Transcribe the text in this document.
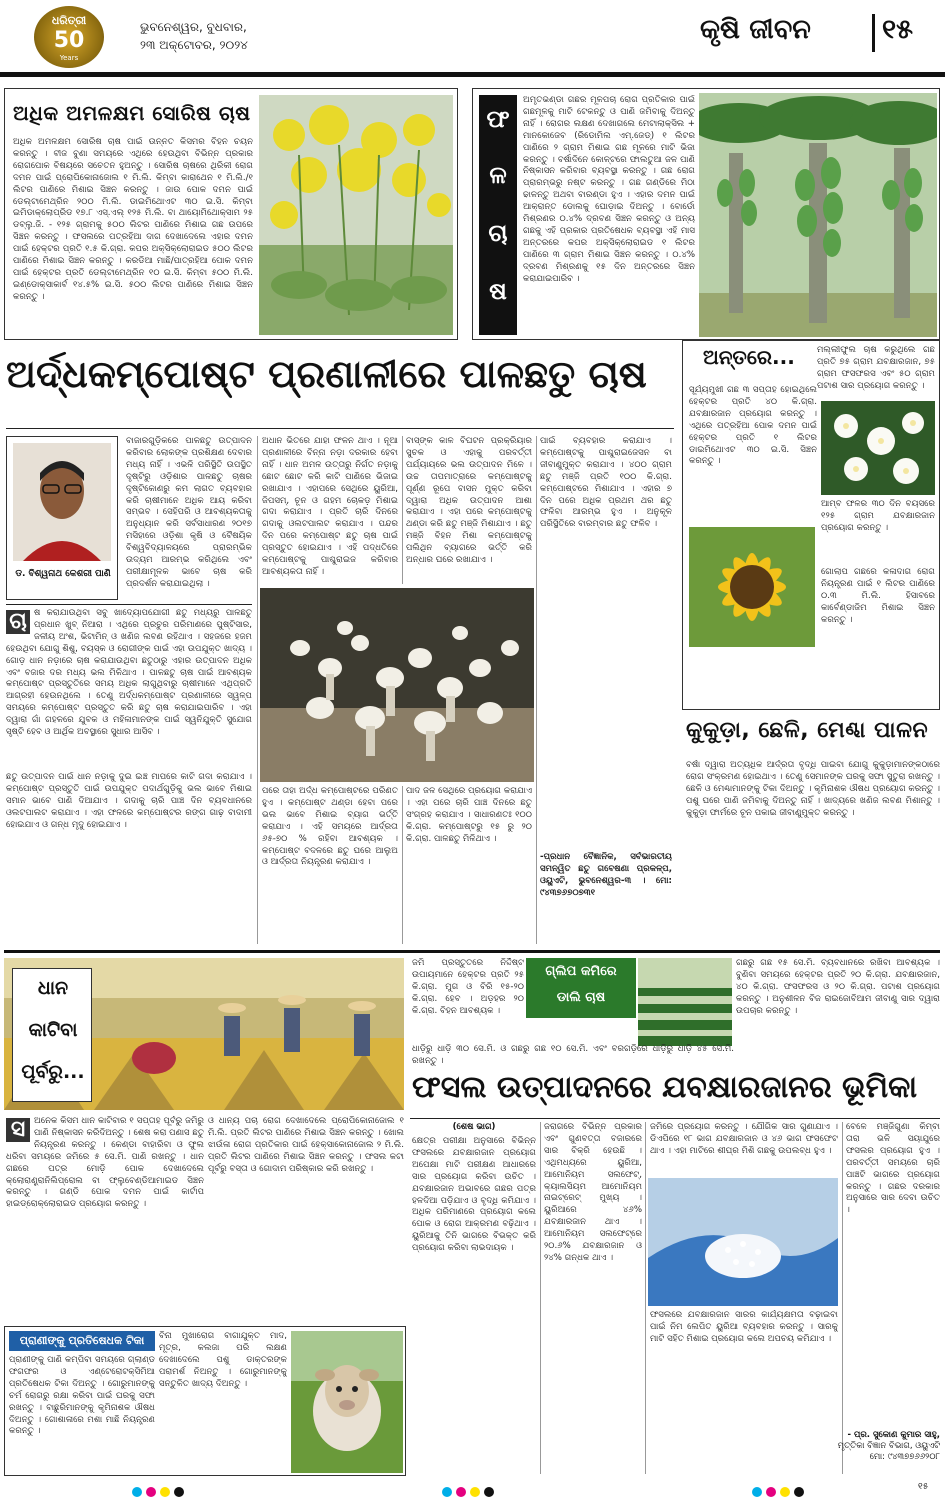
ଧରିତ୍ରୀ
50
Years
ଭୁବନେଶ୍ୱର, ବୁଧବାର,
୨୩ ଅକ୍ଟୋବର, ୨୦୨୪	କୃଷି ଜୀବନ	୧୫
ଅଧିକ ଅମଳକ୍ଷମ ସୋରିଷ ଚାଷ
ଅଧିକ ଅମଳକ୍ଷମ ସୋରିଷ ଚାଷ ପାଇଁ ଉନ୍ନତ କିସମର ବିହନ ଚୟନ କରନ୍ତୁ । ବୀଜ ବୁଣା ସମୟରେ ଏଥିରେ ହେଉଥିବା ବିଭିନ୍ନ ପ୍ରକାର ରୋଗପୋକ ବିଷୟରେ ସଚେତନ ହୁଅନ୍ତୁ । ସୋରିଷ ଚାଷରେ ଥିରିକୀ ରୋଗ ଦମନ ପାଇଁ ପ୍ରୋପିକୋନାଜୋଲ ୧ ମି.ଲି. କିମ୍ବା କାରାଥେନ ୧ ମି.ଲି./୧ ଲିଟର ପାଣିରେ ମିଶାଇ ସିଞ୍ଚନ କରନ୍ତୁ । ଜାଉ ପୋକ ଦମନ ପାଇଁ ଡେଲ୍ଟାମେଥ୍ରିନ ୨୦୦ ମି.ଲି. ଡାଇମିଥୋଏଟ ୩୦ ଇ.ସି. କିମ୍ବା ଇମିଡାକ୍ଲୋପ୍ରିଡ ୧୭.୮ ଏସ୍.ଏଲ୍ ୧୨୫ ମି.ଲି. ବା ଥାୟୋମିଥୋକ୍ସାମ ୨୫ ଡବ୍ଲୁ.ଜି. - ୧୨୫ ଗ୍ରାମକୁ ୫୦୦ ଲିଟର ପାଣିରେ ମିଶାଇ ଗଛ ଉପରେ ସିଞ୍ଚନ କରନ୍ତୁ । ଫସଲରେ ପତ୍ରହିଆ ଦାଗ ଦେଖାଦେଲେ ଏହାର ଦମନ ପାଇଁ ହେକ୍ଟର ପ୍ରତି ୧.୫ କି.ଗ୍ରା. କପର ଅକ୍ସିକ୍ଲୋରାଇଡ ୫୦୦ ଲିଟର ପାଣିରେ ମିଶାଇ ସିଞ୍ଚନ କରନ୍ତୁ । କରଡିଆ ମାଛି/ପାତ୍ରହିଆ ପୋକ ଦମନ ପାଇଁ ହେକ୍ଟର ପ୍ରତି ଡେଲ୍ଟାମେଥ୍ରିନ ୧୦ ଇ.ସି. କିମ୍ବା ୫୦୦ ମି.ଲି. ଇଣ୍ଡୋକ୍ସାକାର୍ବ ୧୪.୫% ଇ.ସି. ୫୦୦ ଲିଟର ପାଣିରେ ମିଶାଇ ସିଞ୍ଚନ କରନ୍ତୁ ।
ଫ
ଳ
ଚା
ଷ
ଅମୃତଭଣ୍ଡା ଗଛର ମୂଳପଚା ରୋଗ ପ୍ରତିକାର ପାଇଁ ଗଛମୂଳକୁ ମାଟି ଟେକନ୍ତୁ ଓ ପାଣି ଜମିବାକୁ ଦିଅନ୍ତୁ ନାହିଁ । ରୋଗର ଲକ୍ଷଣ ଦେଖାଗଲେ ମେଟାଲାକ୍ସିଲ + ମାନକୋଜେବ (ରିଡୋମିଲ ଏମ୍.ଜେଡ୍) ୧ ଲିଟର ପାଣିରେ ୨ ଗ୍ରାମ ମିଶାଇ ଗଛ ମୂଳରେ ମାଟି ଭିଜା କରନ୍ତୁ । ବର୍ଷାଦିନେ କୋଳ୍ଟରେ ଫାଲତୁଆ ଜଳ ପାଣି ନିଷ୍କାସନ କରିବାର ବ୍ୟବସ୍ଥା କରନ୍ତୁ । ଗଛ ରୋଗ ପ୍ରାରମ୍ଭରୁ ନଷ୍ଟ କରନ୍ତୁ । ଗଛ ଗଣ୍ଡିରେ ମିଠା ଢାଳନ୍ତୁ ଅଥବା ବାରଣ୍ଡା ହୁଏ । ଏହାର ଦମନ ପାଇଁ ଆକ୍ରାନ୍ତ ଡୋଲକୁ ଘୋଡ଼ାଇ ଦିଅନ୍ତୁ । ବୋର୍ଡୋ ମିଶ୍ରଣର ୦.୪% ଦ୍ରବଣ ସିଞ୍ଚନ କରନ୍ତୁ ଓ ଅନ୍ୟ ଗଛକୁ ଏହି ପ୍ରକାର ପ୍ରତିଷେଧକ ବ୍ୟବସ୍ଥା ଏହି ମାସ ଅନ୍ତରରେ କପର ଅକ୍ସିକ୍ଲୋରାଇଡ ୧ ଲିଟର ପାଣିରେ ୩ ଗ୍ରାମ ମିଶାଇ ସିଞ୍ଚନ କରନ୍ତୁ । ୦.୪% ଦ୍ରବଣ ମିଶ୍ରଣକୁ ୧୫ ଦିନ ଅନ୍ତରରେ ସିଞ୍ଚନ କରାଯାଇପାରିବ ।
ଅର୍ଦ୍ଧକମ୍ପୋଷ୍ଟ ପ୍ରଣାଳୀରେ ପାଳଛତୁ ଚାଷ
ଡ. ବିଶ୍ୱନାଥ କେଶରୀ ପାଣି
ବାଜାରଗୁଡ଼ିକରେ ପାଳଛତୁ ଉତ୍ପାଦନ କରିବାର ଲୋକଙ୍କ ପ୍ରଶିକ୍ଷଣ ଦେବାର ମଧ୍ୟ ନାହିଁ । ଏଭଳି ପରିସ୍ଥିତି ଉପସ୍ଥିତ ଦୃଷ୍ଟିରୁ ଓଡ଼ିଶାର ପାଳଛତୁ ଚାଷର ଦୃଷ୍ଟିକୋଣରୁ କମ ଲାଗତ ବ୍ୟବହାର କରି ଚାଷୀମାନେ ଅଧିକ ଆୟ କରିବା ସମ୍ଭବ । ସେହିପରି ଓ ଆବଶ୍ୟକତାକୁ ଅନୁଧ୍ୟାନ କରି ସର୍ବସାଧାରଣ ୨୦୧୭ ମସିହାରେ ଓଡ଼ିଶା କୃଷି ଓ ବୈଷୟିକ ବିଶ୍ୱବିଦ୍ୟାଳୟରେ ପ୍ରାରମ୍ଭିକ ଉଦ୍ୟମ ଆରମ୍ଭ କରିଥିଲେ ଏବଂ ପରୀକ୍ଷାମୂଳକ ଭାବେ ଚାଷ କରି ପ୍ରଦର୍ଶନ କରାଯାଇଥିଲା ।
ଚା ଷ କରାଯାଉଥିବା ସବୁ ଖାଦ୍ୟୋପଯୋଗୀ ଛତୁ ମଧ୍ୟରୁ ପାଳଛତୁ ପ୍ରଧାନ ଖୁବ୍ ନିଆରା । ଏଥିରେ ପ୍ରଚୁର ପରିମାଣରେ ପୁଷ୍ଟିସାର, ଜଳୀୟ ଅଂଶ, ଭିଟାମିନ୍ ଓ ଖଣିଜ ଲବଣ ରହିଥାଏ । ସହଜରେ ହଜମ ହେଉଥିବା ଯୋଗୁ ଶିଶୁ, ବୟସ୍କ ଓ ରୋଗୀଙ୍କ ପାଇଁ ଏହା ଉପଯୁକ୍ତ ଖାଦ୍ୟ । ଗୋଡ଼ ଧାନ ନଡ଼ାରେ ଚାଷ କରାଯାଉଥିବା ଛତୁଠାରୁ ଏହାର ଉତ୍ପାଦନ ଅଧିକ ଏବଂ ବଜାର ଦର ମଧ୍ୟ ଭଲ ମିଳିଥାଏ । ପାଳଛତୁ ଚାଷ ପାଇଁ ଆବଶ୍ୟକ କମ୍ପୋଷ୍ଟ ପ୍ରସ୍ତୁତିରେ ସମୟ ଅଧିକ ଲାଗୁଥିବାରୁ ଚାଷୀମାନେ ଏଥିପ୍ରତି ଆଗ୍ରହୀ ହେଉନଥିଲେ । ତେଣୁ ଅର୍ଦ୍ଧକମ୍ପୋଷ୍ଟ ପ୍ରଣାଳୀରେ ସ୍ୱଳ୍ପ ସମୟରେ କମ୍ପୋଷ୍ଟ ପ୍ରସ୍ତୁତ କରି ଛତୁ ଚାଷ କରାଯାଇପାରିବ । ଏହା ଦ୍ୱାରା ଗାଁ ଗହଳରେ ଯୁବକ ଓ ମହିଳାମାନଙ୍କ ପାଇଁ ସ୍ୱନିଯୁକ୍ତି ସୁଯୋଗ ସୃଷ୍ଟି ହେବ ଓ ଆର୍ଥିକ ଅବସ୍ଥାରେ ସୁଧାର ଆସିବ ।
ଛତୁ ଉତ୍ପାଦନ ପାଇଁ ଧାନ ନଡ଼ାକୁ ଦୁଇ ଇଞ୍ଚ ମାପରେ କାଟି ଗଦା କରାଯାଏ । କମ୍ପୋଷ୍ଟ ପ୍ରସ୍ତୁତି ପାଇଁ ଉପଯୁକ୍ତ ପଦାର୍ଥଗୁଡ଼ିକୁ ଭଲ ଭାବେ ମିଶାଇ ସମାନ ଭାବେ ପାଣି ଦିଆଯାଏ । ଗଦାକୁ ଚାରି ପାଞ୍ଚ ଦିନ ବ୍ୟବଧାନରେ ଓଲଟପାଲଟ କରାଯାଏ । ଏହା ଫଳରେ କମ୍ପୋଷ୍ଟର ରଙ୍ଗ ଗାଢ଼ ବାଦାମୀ ହୋଇଯାଏ ଓ ଗନ୍ଧ ମୃଦୁ ହୋଇଯାଏ ।
ଅଧାନ ଭିତରେ ଯାହା ଫଳନ ଥାଏ । ନୂଆ ପ୍ରଣାଳୀରେ ବିନ୍ନା ନଡ଼ା ଦରକାର ହେବା ନାହିଁ । ଧାନ ଅମଳ ଉତ୍ତାରୁ ନିର୍ଗତ ନଡ଼ାକୁ ଛୋଟ ଛୋଟ କରି କାଟି ପାଣିରେ ଭିଜାଇ ରଖାଯାଏ । ଏହାପରେ ସେଥିରେ ୟୁରିଆ, ଜିପସମ୍, ଚୂନ ଓ ଗହମ ଚୋକଡ଼ ମିଶାଇ ଗଦା କରାଯାଏ । ପ୍ରତି ଚାରି ଦିନରେ ଗଦାକୁ ଓଲଟପାଲଟ କରାଯାଏ । ପନ୍ଦର ଦିନ ପରେ କମ୍ପୋଷ୍ଟ ଛତୁ ଚାଷ ପାଇଁ ପ୍ରସ୍ତୁତ ହୋଇଯାଏ । ଏହି ପଦ୍ଧତିରେ କମ୍ପୋଷ୍ଟକୁ ପାଶ୍ଚୁରାଇଜ କରିବାର ଆବଶ୍ୟକତା ନାହିଁ ।
ବାସ୍ଙ୍କ କାଳ ବିଘଟନ ପ୍ରକ୍ରିୟାର ସୁଚକ ଓ ଏହାକୁ ପରବର୍ତ୍ତୀ ପର୍ଯ୍ୟାୟରେ ଭଲ ଉତ୍ପାଦନ ମିଳେ । ଉଚ୍ଚ ତାପମାତ୍ରାରେ କମ୍ପୋଷ୍ଟକୁ ପୂର୍ଣ୍ଣ ରୂପେ ବାସନ ମୁକ୍ତ କରିବା ଦ୍ୱାରା ଅଧିକ ଉତ୍ପାଦନ ଆଶା କରାଯାଏ । ଏହା ପରେ କମ୍ପୋଷ୍ଟକୁ ଥଣ୍ଡା କରି ଛତୁ ମଞ୍ଜି ମିଶାଯାଏ । ଛତୁ ମଞ୍ଜି ବିହନ ମିଶା କମ୍ପୋଷ୍ଟକୁ ପଲିଥିନ ବ୍ୟାଗରେ ଭର୍ତ୍ତି କରି ଅନ୍ଧାର ଘରେ ରଖାଯାଏ ।
ପାଇଁ ବ୍ୟବହାର କରାଯାଏ । କମ୍ପୋଷ୍ଟକୁ ପାଶ୍ଚୁରାଇଜେସନ ବା ଜୀବାଣୁମୁକ୍ତ କରାଯାଏ । ୪୦୦ ଗ୍ରାମ ଛତୁ ମଞ୍ଜି ପ୍ରତି ୧୦୦ କି.ଗ୍ରା. କମ୍ପୋଷ୍ଟରେ ମିଶାଯାଏ । ଏହାର ୭ ଦିନ ପରେ ଅଧିକ ପ୍ରଥମ ଥର ଛତୁ ଫଳିବା ଆରମ୍ଭ ହୁଏ । ଅନୁକୂଳ ପରିସ୍ଥିତିରେ ବାରମ୍ବାର ଛତୁ ଫଳିବ ।
ପରେ ତାହା ଅର୍ଦ୍ଧ କମ୍ପୋଷ୍ଟରେ ପରିଣତ ହୁଏ । କମ୍ପୋଷ୍ଟ ଥଣ୍ଡା ହେବା ପରେ ଭଲ ଭାବେ ମିଶାଇ ବ୍ୟାଗ ଭର୍ତ୍ତି କରାଯାଏ । ଏହି ସମୟରେ ଆର୍ଦ୍ରତା ୬୫-୭୦ % ରହିବା ଆବଶ୍ୟକ । କମ୍ପୋଷ୍ଟ ବଦଳରେ ଛତୁ ଘରେ ଆଲୁଅ ଓ ଆର୍ଦ୍ରତା ନିୟନ୍ତ୍ରଣ କରାଯାଏ ।
ପାଦ ଜଳ ସେଥିରେ ପ୍ରୟୋଗ କରାଯାଏ । ଏହା ପରେ ଚାରି ପାଞ୍ଚ ଦିନରେ ଛତୁ ସଂଗ୍ରହ କରାଯାଏ । ସାଧାରଣତଃ ୧୦୦ କି.ଗ୍ରା. କମ୍ପୋଷ୍ଟରୁ ୧୫ ରୁ ୨୦ କି.ଗ୍ରା. ପାଳଛତୁ ମିଳିଥାଏ ।
-ପ୍ରଧାନ ବୈଜ୍ଞାନିକ, ସର୍ବଭାରତୀୟ ସମନ୍ୱିତ ଛତୁ ଗବେଷଣା ପ୍ରକଳ୍ପ, ଓୟୁଏଟି, ଭୁବନେଶ୍ୱର-୩ । ମୋ: ୯୪୩୭୬୭୦୭୩୧
ଅନ୍ତରେ...	ମଲ୍ଲୀଫୁଲ ଚାଷ କରୁଥିଲେ ଗଛ ପ୍ରତି ୭୫ ଗ୍ରାମ ଯବକ୍ଷାରଜାନ, ୭୫ ଗ୍ରାମ ଫସଫରସ ଏବଂ ୫୦ ଗ୍ରାମ ପଟାଶ ସାର ପ୍ରୟୋଗ କରନ୍ତୁ ।
ସୂର୍ଯ୍ୟମୁଖୀ ଗଛ ୩ ସପ୍ତାହ ହୋଇଥିଲେ ହେକ୍ଟର ପ୍ରତି ୪୦ କି.ଗ୍ରା. ଯବକ୍ଷାରଜାନ ପ୍ରୟୋଗ କରନ୍ତୁ । ଏଥିରେ ପତ୍ରହିଆ ପୋକ ଦମନ ପାଇଁ ହେକ୍ଟର ପ୍ରତି ୧ ଲିଟର ଡାଇମିଥୋଏଟ ୩୦ ଇ.ସି. ସିଞ୍ଚନ କରନ୍ତୁ ।
ଆମ୍ବ ଫଳର ୩୦ ଦିନ ବୟସରେ ୧୨୫ ଗ୍ରାମ ଯବକ୍ଷାରଜାନ ପ୍ରୟୋଗ କରନ୍ତୁ ।
ଗୋଲାପ ଗଛରେ କଳାଦାଗ ରୋଗ ନିୟନ୍ତ୍ରଣ ପାଇଁ ୧ ଲିଟର ପାଣିରେ ୦.୩ ମି.ଲି. ହିସାବରେ କାର୍ବେଣ୍ଡାଜିମ ମିଶାଇ ସିଞ୍ଚନ କରନ୍ତୁ ।
କୁକୁଡ଼ା, ଛେଳି, ମେଣ୍ଢା ପାଳନ
ବର୍ଷା ଦ୍ୱାରା ଅତ୍ୟଧିକ ଆର୍ଦ୍ରତା ବୃଦ୍ଧି ପାଇବା ଯୋଗୁ କୁକୁଡ଼ାମାନଙ୍କଠାରେ ରୋଗ ସଂକ୍ରମଣ ହୋଇଥାଏ । ତେଣୁ ସେମାନଙ୍କ ଘରକୁ ସଫା ସୁତୁରା ରଖନ୍ତୁ । ଛେଳି ଓ ମେଣ୍ଢାମାନଙ୍କୁ ଟିକା ଦିଅନ୍ତୁ । କୃମିନାଶକ ଔଷଧ ପ୍ରୟୋଗ କରନ୍ତୁ । ପଶୁ ଘରେ ପାଣି ଜମିବାକୁ ଦିଅନ୍ତୁ ନାହିଁ । ଖାଦ୍ୟରେ ଖଣିଜ ଲବଣ ମିଶାନ୍ତୁ । କୁକୁଡ଼ା ଫାର୍ମରେ ଚୂନ ପକାଇ ଜୀବାଣୁମୁକ୍ତ କରନ୍ତୁ ।
ଧାନ
କାଟିବା
ପୂର୍ବରୁ...
ସ	ଅନେକ କିସମ ଧାନ କାଟିବାର ୧ ସପ୍ତାହ ପୂର୍ବରୁ ଜମିରୁ ପାଣି ନିଷ୍କାସନ କରିଦିଅନ୍ତୁ । ଶେଷ କରା ପଣାସ ଛତୁ ନିୟନ୍ତ୍ରଣ କରନ୍ତୁ । କେଣ୍ଡା ବାହାରିବା ଓ ଫୁଲ ଧରିବା ସମୟରେ ଜମିରେ ୫ ସେ.ମି. ପାଣି ରଖନ୍ତୁ । ଧାନ ଗଛରେ ପତ୍ର ମୋଡ଼ି ପୋକ ଦେଖାଦେଲେ କ୍ଲୋରାଣ୍ଟ୍ରାନିଲିପ୍ରୋଲ ବା ଫ୍ଲୁବେଣ୍ଡିଆମାଇଡ ସିଞ୍ଚନ କରନ୍ତୁ । ଗଣ୍ଡି ପୋକ ଦମନ ପାଇଁ କାର୍ଟାପ ହାଇଡ୍ରୋକ୍ଲୋରାଇଡ ପ୍ରୟୋଗ କରନ୍ତୁ ।
ଓ ଧାନ୍ୟ ପଚା ରୋଗ ଦେଖାଦେଲେ ପ୍ରୋପିକୋନାଜୋଲ ୧ ମି.ଲି. ପ୍ରତି ଲିଟର ପାଣିରେ ମିଶାଇ ସିଞ୍ଚନ କରନ୍ତୁ । ଖୋଲ ଝାଉଁଳା ରୋଗ ପ୍ରତିକାର ପାଇଁ ହେକ୍ସାକୋନାଜୋଲ ୨ ମି.ଲି. ପ୍ରତି ଲିଟର ପାଣିରେ ମିଶାଇ ସିଞ୍ଚନ କରନ୍ତୁ । ଫସଲ କଟା ପୂର୍ବରୁ ବସ୍ତା ଓ ଗୋଦାମ ପରିଷ୍କାର କରି ରଖନ୍ତୁ ।
ଜମି ପ୍ରସ୍ତୁତରେ ନିର୍ଦ୍ଦିଷ୍ଟ ଉପାୟମାନେ ହେକ୍ଟର ପ୍ରତି ୨୫ କି.ଗ୍ରା. ମୁଗ ଓ ବିରି ୧୫-୨୦ କି.ଗ୍ରା. ହେବ । ଅଡ଼ହର ୨୦ କି.ଗ୍ରା. ବିହନ ଆବଶ୍ୟକ ।
ଗ୍ଲିପ କମିରେ
ଡାଲି ଚାଷ
ଗଛରୁ ଗଛ ୧୫ ସେ.ମି. ବ୍ୟବଧାନରେ ରଖିବା ଆବଶ୍ୟକ । ବୁଣିବା ସମୟରେ ହେକ୍ଟର ପ୍ରତି ୨୦ କି.ଗ୍ରା. ଯବକ୍ଷାରଜାନ, ୪୦ କି.ଗ୍ରା. ଫସଫରସ ଓ ୨୦ କି.ଗ୍ରା. ପଟାଶ ପ୍ରୟୋଗ କରନ୍ତୁ । ଅନୁଶୀଳନ ବିଜ ରାଇଜୋବିଆମ ଜୀବାଣୁ ସାର ଦ୍ୱାରା ଉପଚାର କରନ୍ତୁ ।
ଧାଡ଼ିରୁ ଧାଡ଼ି ୩୦ ସେ.ମି. ଓ ଗଛରୁ ଗଛ ୧୦ ସେ.ମି. ଏବଂ ବରଗଡ଼ିରେ ଧାଡ଼ିରୁ ଧାଡ଼ି ୪୫ ସେ.ମି. ରଖନ୍ତୁ ।
ଫସଲ ଉତ୍ପାଦନରେ ଯବକ୍ଷାରଜାନର ଭୂମିକା
(ଶେଷ ଭାଗ)
କ୍ଷେତ୍ର ପରୀକ୍ଷା ଅନୁସାରେ ବିଭିନ୍ନ ଫସଲରେ ଯବକ୍ଷାରଜାନ ପ୍ରୟୋଗ ଅପେକ୍ଷା ମାଟି ପରୀକ୍ଷଣ ଆଧାରରେ ସାର ପ୍ରୟୋଗ କରିବା ଉଚିତ । ଯବକ୍ଷାରଜାନ ଅଭାବରେ ଗଛର ପତ୍ର ହଳଦିଆ ପଡ଼ିଯାଏ ଓ ବୃଦ୍ଧି କମିଯାଏ । ଅଧିକ ପରିମାଣରେ ପ୍ରୟୋଗ କଲେ ପୋକ ଓ ରୋଗ ଆକ୍ରମଣ ବଢ଼ିଥାଏ । ୟୁରିଆକୁ ତିନି ଭାଗରେ ବିଭକ୍ତ କରି ପ୍ରୟୋଗ କରିବା ଲାଭଦାୟକ ।
ଜରାଗରେ ବିଭିନ୍ନ ପ୍ରକାର ଏବଂ ଗୁଣବତ୍ତା ବଜାରରେ ସାର ବିକ୍ରି ହେଉଛି । ଏଥିମଧ୍ୟରେ ୟୁରିଆ, ଆମୋନିୟମ ସଲଫେଟ୍, କ୍ୟାଲସିୟମ ଆମୋନିୟମ ନାଇଟ୍ରେଟ୍ ମୁଖ୍ୟ । ୟୁରିଆରେ ୪୬% ଯବକ୍ଷାରଜାନ ଥାଏ । ଆମୋନିୟମ ସଲଫେଟ୍‌ରେ ୨୦.୬% ଯବକ୍ଷାରଜାନ ଓ ୨୪% ଗନ୍ଧକ ଥାଏ ।
ଜମିରେ ପ୍ରୟୋଗ କରନ୍ତୁ । ଯୌଗିକ ସାର ଗୁଣାଯାଏ । ଡିଏପିରେ ୧୮ ଭାଗ ଯବକ୍ଷାରଜାନ ଓ ୪୬ ଭାଗ ଫସଫେଟ ଥାଏ । ଏହା ମାଟିରେ ଶୀଘ୍ର ମିଶି ଗଛକୁ ଉପଲବ୍ଧ ହୁଏ ।
ଫସଲରେ ଯବକ୍ଷାରଜାନ ସାରର କାର୍ଯ୍ୟକ୍ଷମତା ବଢ଼ାଇବା ପାଇଁ ନିମ ଲେପିତ ୟୁରିଆ ବ୍ୟବହାର କରନ୍ତୁ । ସାରକୁ ମାଟି ସହିତ ମିଶାଇ ପ୍ରୟୋଗ କଲେ ଅପଚୟ କମିଯାଏ ।
ବେଳେ ମଞ୍ଜିଗୁଣା କିମ୍ବା ତାରା ଭଳି ସୟାଯୁରେ ଫସଲର ପ୍ରୟୋଗ ହୁଏ । ପରବର୍ତ୍ତୀ ସମୟରେ ଚାରି ପାଞ୍ଚଟି ଭାଗରେ ପ୍ରୟୋଗ କରନ୍ତୁ । ଗଛର ଦରକାର ଅନୁସାରେ ସାର ଦେବା ଉଚିତ ।
- ପ୍ର. ସୁକୋଣ କୁମାର ସାହୁ,
ମୃତ୍ତିକା ବିଜ୍ଞାନ ବିଭାଗ, ଓୟୁଏଟି
ମୋ: ୯୪୩୭୭୬୬୨୦୮
ପ୍ରାଣୀଙ୍କୁ ପ୍ରତିଷେଧକ ଟିକା
ପ୍ରାଣୀଙ୍କୁ ପାଣି କମ୍ପିବା ସମୟରେ ଗ୍ଲାଣ୍ଡ ଫଗଫର ଓ ଏଣ୍ଟେରୋଟକ୍ସିମିଆ ପ୍ରତିଷେଧକ ଟିକା ଦିଅନ୍ତୁ । ଗୋରୁମାନଙ୍କୁ ଚର୍ମ ରୋଗରୁ ରକ୍ଷା କରିବା ପାଇଁ ଘରକୁ ସଫା ରଖନ୍ତୁ । ବାଛୁରିମାନଙ୍କୁ କୃମିନାଶକ ଔଷଧ ଦିଅନ୍ତୁ । ଗୋଶାଳାରେ ମଶା ମାଛି ନିୟନ୍ତ୍ରଣ କରନ୍ତୁ ।
ବିନା ମୁଖାରୋଗ ବାଗାଯୁକ୍ତ ମାଦ, ମୂତ୍ର, କଲଜା ପରି ଲକ୍ଷଣ ଦେଖାଦେଲେ ପଶୁ ଡାକ୍ତରଙ୍କ ପରାମର୍ଶ ନିଅନ୍ତୁ । ଗୋରୁମାନଙ୍କୁ ସନ୍ତୁଳିତ ଖାଦ୍ୟ ଦିଅନ୍ତୁ ।
୧୫
